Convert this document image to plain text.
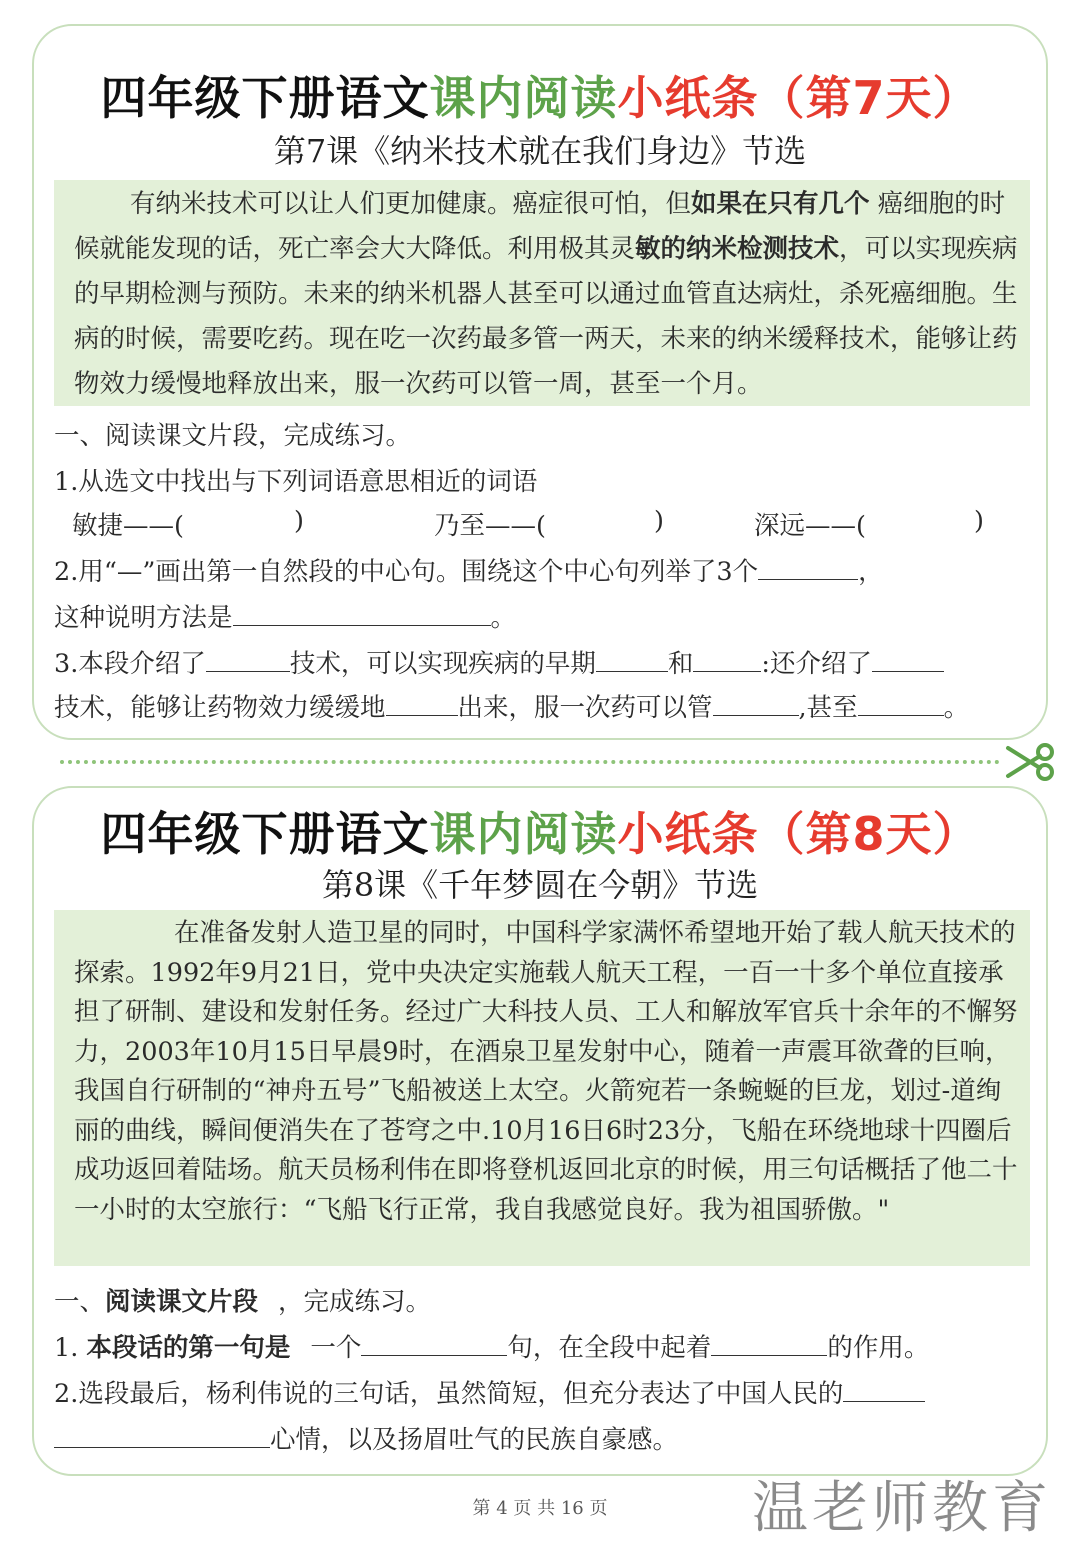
四年级下册语文课内阅读小纸条（第7天）
第7课《纳米技术就在我们身边》节选
有纳米技术可以让人们更加健康。癌症很可怕，但如果在只有几个 癌细胞的时候就能发现的话，死亡率会大大降低。利用极其灵敏的纳米检测技术，可以实现疾病的早期检测与预防。未来的纳米机器人甚至可以通过血管直达病灶，杀死癌细胞。生病的时候，需要吃药。现在吃一次药最多管一两天，未来的纳米缓释技术，能够让药物效力缓慢地释放出来，服一次药可以管一周，甚至一个月。
一、阅读课文片段，完成练习。
1.从选文中找出与下列词语意思相近的词语
敏捷——(	)	乃至——(	)	深远——(	)
2.用“—”画出第一自然段的中心句。围绕这个中心句列举了3个	，
这种说明方法是	。
3.本段介绍了	技术，可以实现疾病的早期	和	:还介绍了
技术，能够让药物效力缓缓地	出来，服一次药可以管	,甚至	。
四年级下册语文课内阅读小纸条（第8天）
第8课《千年梦圆在今朝》节选
在准备发射人造卫星的同时，中国科学家满怀希望地开始了载人航天技术的探索。1992年9月21日，党中央决定实施载人航天工程，一百一十多个单位直接承担了研制、建设和发射任务。经过广大科技人员、工人和解放军官兵十余年的不懈努力，2003年10月15日早晨9时，在酒泉卫星发射中心，随着一声震耳欲聋的巨响，我国自行研制的“神舟五号”飞船被送上太空。火箭宛若一条蜿蜒的巨龙，划过-道绚丽的曲线，瞬间便消失在了苍穹之中.10月16日6时23分，飞船在环绕地球十四圈后成功返回着陆场。航天员杨利伟在即将登机返回北京的时候，用三句话概括了他二十一小时的太空旅行：“飞船飞行正常，我自我感觉良好。我为祖国骄傲。"
一、阅读课文片段 ，完成练习。
1. 本段话的第一句是 一个	句，在全段中起着	的作用。
2.选段最后，杨利伟说的三句话，虽然简短，但充分表达了中国人民的
心情，以及扬眉吐气的民族自豪感。
温老师教育
第 4 页 共 16 页
